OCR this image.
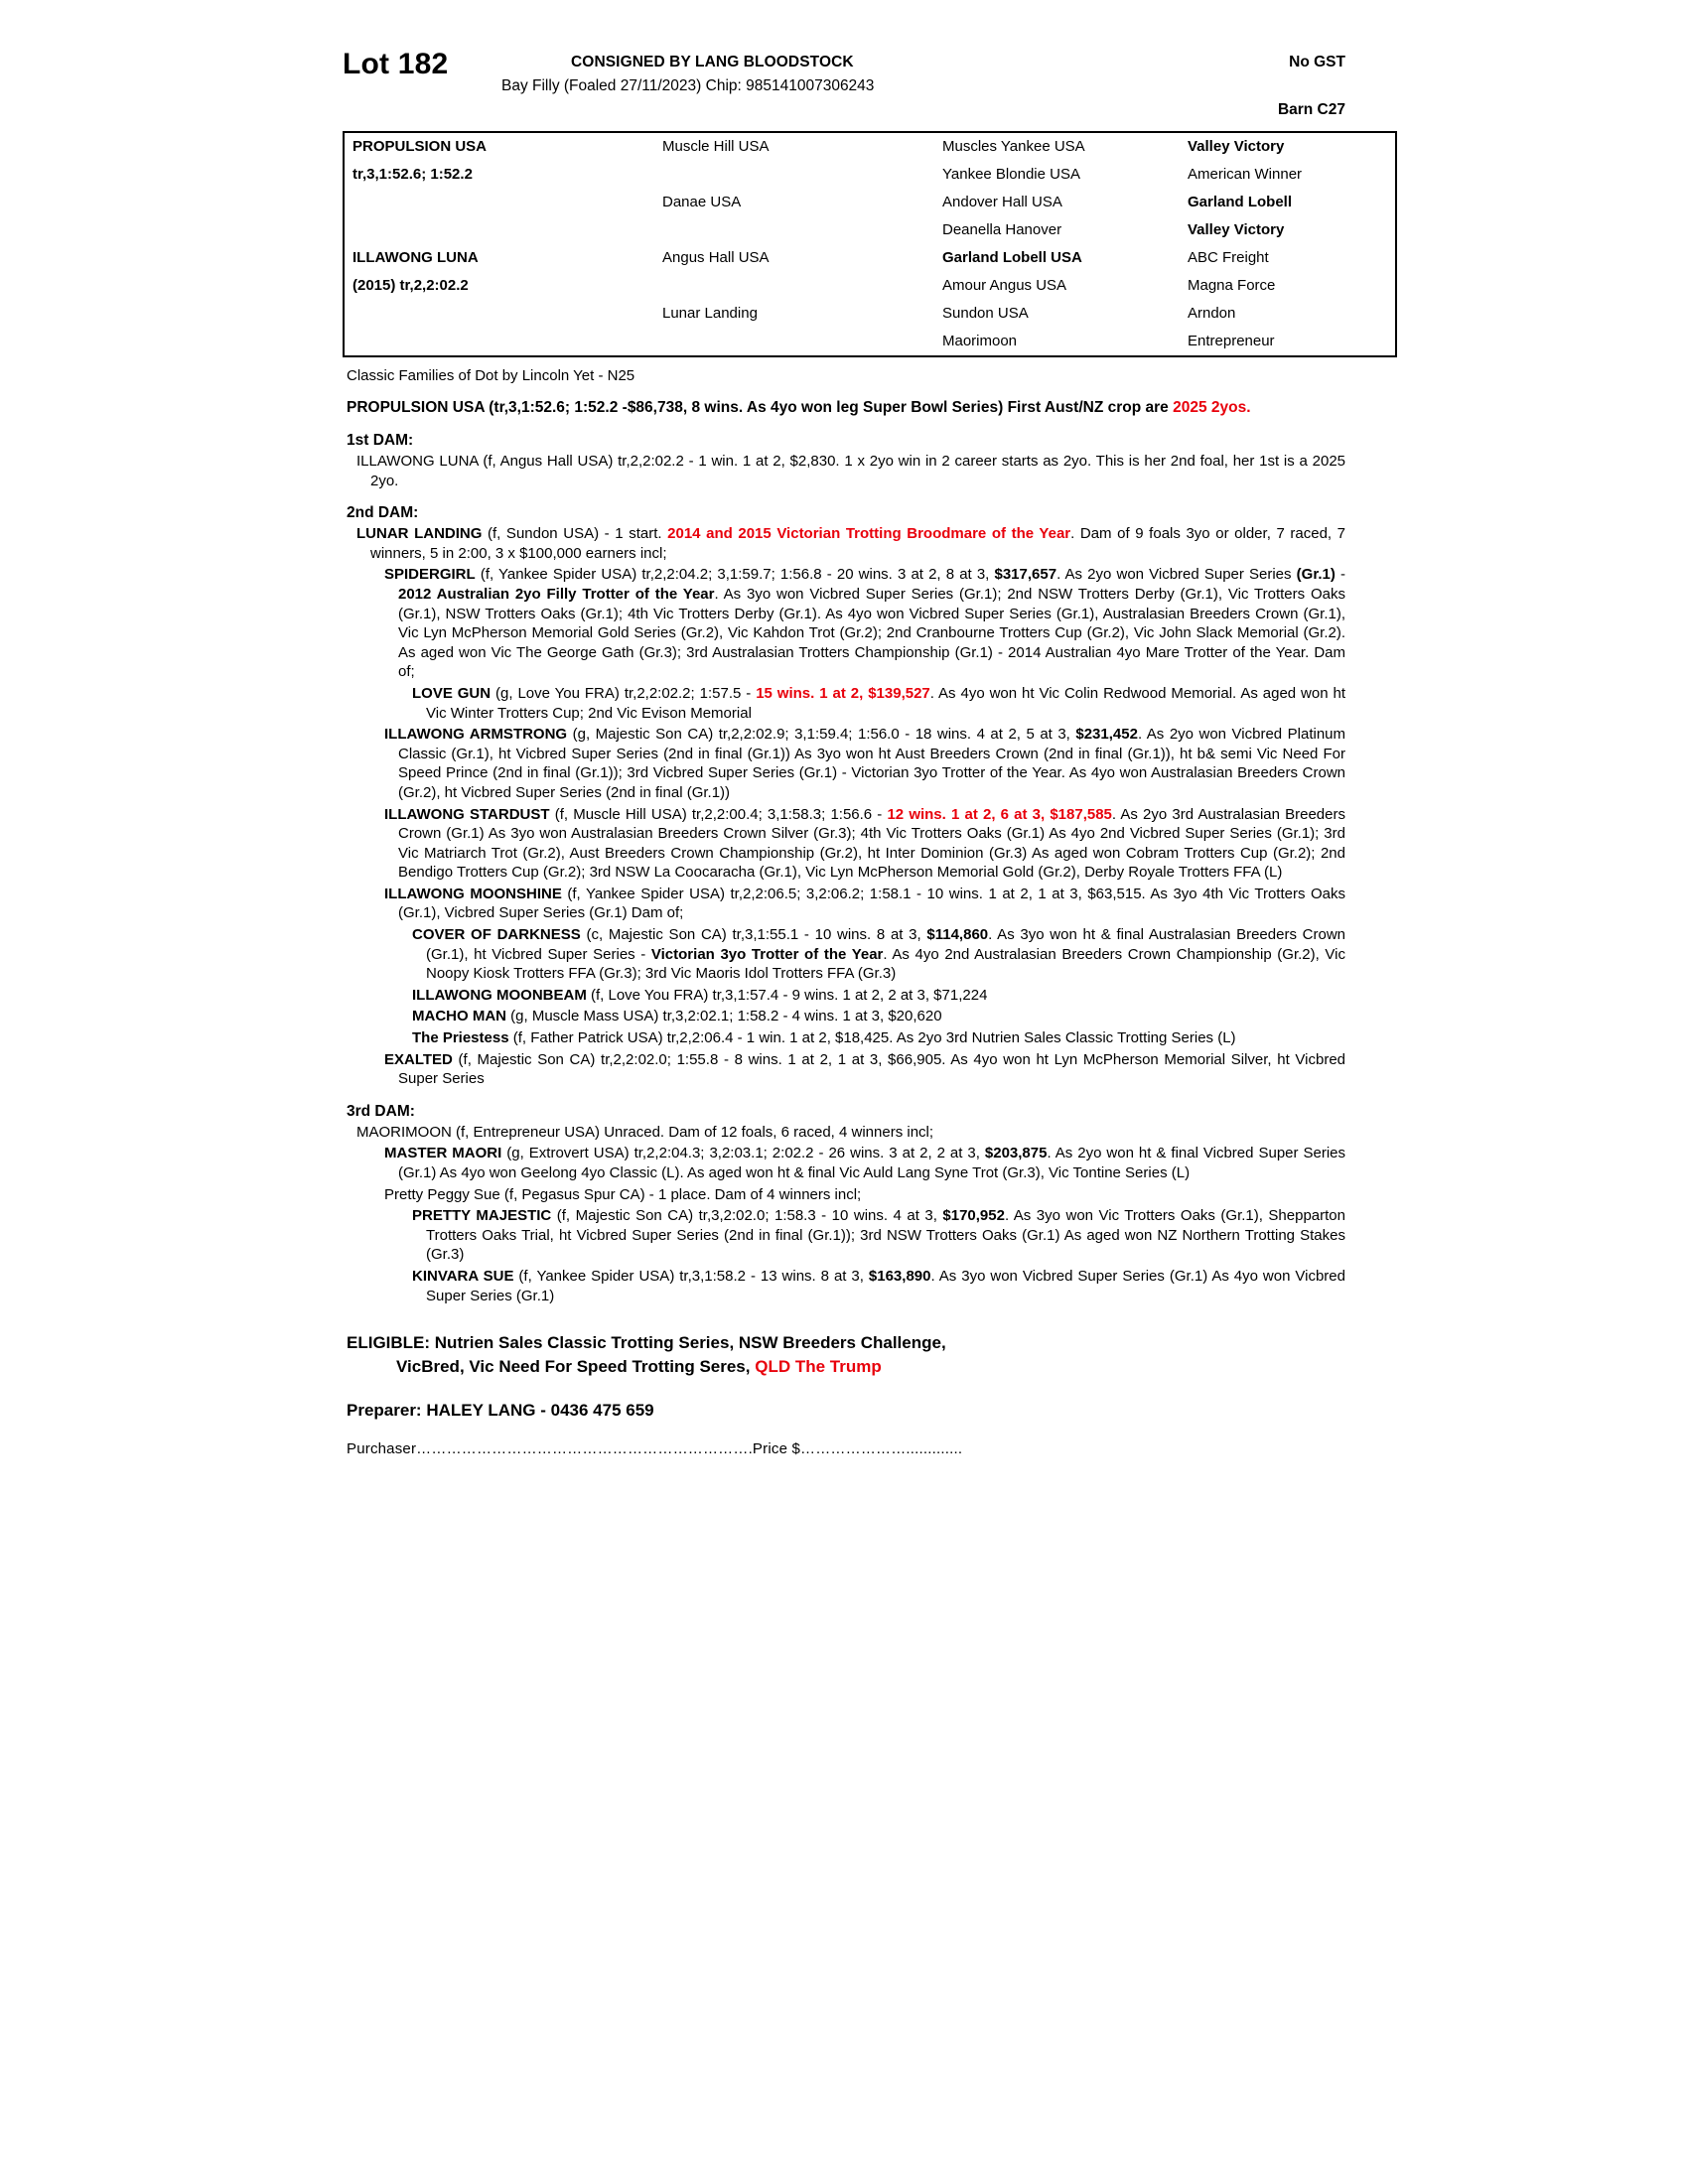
Lot 182	CONSIGNED BY LANG BLOODSTOCK	No GST
Bay Filly (Foaled 27/11/2023) Chip: 985141007306243
Barn C27
PROPULSION USA	Muscle Hill USA	Muscles Yankee USA	Valley Victory
tr,3,1:52.6; 1:52.2		Yankee Blondie USA	American Winner
	Danae USA	Andover Hall USA	Garland Lobell
		Deanella Hanover	Valley Victory
ILLAWONG LUNA	Angus Hall USA	Garland Lobell USA	ABC Freight
(2015) tr,2,2:02.2		Amour Angus USA	Magna Force
	Lunar Landing	Sundon USA	Arndon
		Maorimoon	Entrepreneur
Classic Families of Dot by Lincoln Yet - N25
PROPULSION USA (tr,3,1:52.6; 1:52.2 -$86,738, 8 wins. As 4yo won leg Super Bowl Series) First Aust/NZ crop are 2025 2yos.
1st DAM:

ILLAWONG LUNA (f, Angus Hall USA) tr,2,2:02.2 - 1 win. 1 at 2, $2,830. 1 x 2yo win in 2 career starts as 2yo. This is her 2nd foal, her 1st is a 2025 2yo.

2nd DAM:

LUNAR LANDING (f, Sundon USA) - 1 start. 2014 and 2015 Victorian Trotting Broodmare of the Year. Dam of 9 foals 3yo or older, 7 raced, 7 winners, 5 in 2:00, 3 x $100,000 earners incl;

SPIDERGIRL (f, Yankee Spider USA) tr,2,2:04.2; 3,1:59.7; 1:56.8 - 20 wins. 3 at 2, 8 at 3, $317,657. As 2yo won Vicbred Super Series (Gr.1) - 2012 Australian 2yo Filly Trotter of the Year. As 3yo won Vicbred Super Series (Gr.1); 2nd NSW Trotters Derby (Gr.1), Vic Trotters Oaks (Gr.1), NSW Trotters Oaks (Gr.1); 4th Vic Trotters Derby (Gr.1). As 4yo won Vicbred Super Series (Gr.1), Australasian Breeders Crown (Gr.1), Vic Lyn McPherson Memorial Gold Series (Gr.2), Vic Kahdon Trot (Gr.2); 2nd Cranbourne Trotters Cup (Gr.2), Vic John Slack Memorial (Gr.2). As aged won Vic The George Gath (Gr.3); 3rd Australasian Trotters Championship (Gr.1) - 2014 Australian 4yo Mare Trotter of the Year. Dam of;

LOVE GUN (g, Love You FRA) tr,2,2:02.2; 1:57.5 - 15 wins. 1 at 2, $139,527. As 4yo won ht Vic Colin Redwood Memorial. As aged won ht Vic Winter Trotters Cup; 2nd Vic Evison Memorial

ILLAWONG ARMSTRONG (g, Majestic Son CA) tr,2,2:02.9; 3,1:59.4; 1:56.0 - 18 wins. 4 at 2, 5 at 3, $231,452. As 2yo won Vicbred Platinum Classic (Gr.1), ht Vicbred Super Series (2nd in final (Gr.1)) As 3yo won ht Aust Breeders Crown (2nd in final (Gr.1)), ht b& semi Vic Need For Speed Prince (2nd in final (Gr.1)); 3rd Vicbred Super Series (Gr.1) - Victorian 3yo Trotter of the Year. As 4yo won Australasian Breeders Crown (Gr.2), ht Vicbred Super Series (2nd in final (Gr.1))

ILLAWONG STARDUST (f, Muscle Hill USA) tr,2,2:00.4; 3,1:58.3; 1:56.6 - 12 wins. 1 at 2, 6 at 3, $187,585. As 2yo 3rd Australasian Breeders Crown (Gr.1) As 3yo won Australasian Breeders Crown Silver (Gr.3); 4th Vic Trotters Oaks (Gr.1) As 4yo 2nd Vicbred Super Series (Gr.1); 3rd Vic Matriarch Trot (Gr.2), Aust Breeders Crown Championship (Gr.2), ht Inter Dominion (Gr.3) As aged won Cobram Trotters Cup (Gr.2); 2nd Bendigo Trotters Cup (Gr.2); 3rd NSW La Coocaracha (Gr.1), Vic Lyn McPherson Memorial Gold (Gr.2), Derby Royale Trotters FFA (L)

ILLAWONG MOONSHINE (f, Yankee Spider USA) tr,2,2:06.5; 3,2:06.2; 1:58.1 - 10 wins. 1 at 2, 1 at 3, $63,515. As 3yo 4th Vic Trotters Oaks (Gr.1), Vicbred Super Series (Gr.1) Dam of;

COVER OF DARKNESS (c, Majestic Son CA) tr,3,1:55.1 - 10 wins. 8 at 3, $114,860. As 3yo won ht & final Australasian Breeders Crown (Gr.1), ht Vicbred Super Series - Victorian 3yo Trotter of the Year. As 4yo 2nd Australasian Breeders Crown Championship (Gr.2), Vic Noopy Kiosk Trotters FFA (Gr.3); 3rd Vic Maoris Idol Trotters FFA (Gr.3)

ILLAWONG MOONBEAM (f, Love You FRA) tr,3,1:57.4 - 9 wins. 1 at 2, 2 at 3, $71,224

MACHO MAN (g, Muscle Mass USA) tr,3,2:02.1; 1:58.2 - 4 wins. 1 at 3, $20,620

The Priestess (f, Father Patrick USA) tr,2,2:06.4 - 1 win. 1 at 2, $18,425. As 2yo 3rd Nutrien Sales Classic Trotting Series (L)

EXALTED (f, Majestic Son CA) tr,2,2:02.0; 1:55.8 - 8 wins. 1 at 2, 1 at 3, $66,905. As 4yo won ht Lyn McPherson Memorial Silver, ht Vicbred Super Series

3rd DAM:

MAORIMOON (f, Entrepreneur USA) Unraced. Dam of 12 foals, 6 raced, 4 winners incl;

MASTER MAORI (g, Extrovert USA) tr,2,2:04.3; 3,2:03.1; 2:02.2 - 26 wins. 3 at 2, 2 at 3, $203,875. As 2yo won ht & final Vicbred Super Series (Gr.1) As 4yo won Geelong 4yo Classic (L). As aged won ht & final Vic Auld Lang Syne Trot (Gr.3), Vic Tontine Series (L)

Pretty Peggy Sue (f, Pegasus Spur CA) - 1 place. Dam of 4 winners incl;

PRETTY MAJESTIC (f, Majestic Son CA) tr,3,2:02.0; 1:58.3 - 10 wins. 4 at 3, $170,952. As 3yo won Vic Trotters Oaks (Gr.1), Shepparton Trotters Oaks Trial, ht Vicbred Super Series (2nd in final (Gr.1)); 3rd NSW Trotters Oaks (Gr.1) As aged won NZ Northern Trotting Stakes (Gr.3)

KINVARA SUE (f, Yankee Spider USA) tr,3,1:58.2 - 13 wins. 8 at 3, $163,890. As 3yo won Vicbred Super Series (Gr.1) As 4yo won Vicbred Super Series (Gr.1)

ELIGIBLE: Nutrien Sales Classic Trotting Series, NSW Breeders Challenge,
VicBred, Vic Need For Speed Trotting Seres, QLD The Trump
Preparer: HALEY LANG - 0436 475 659
Purchaser………………………………………………………….Price $………………….............
